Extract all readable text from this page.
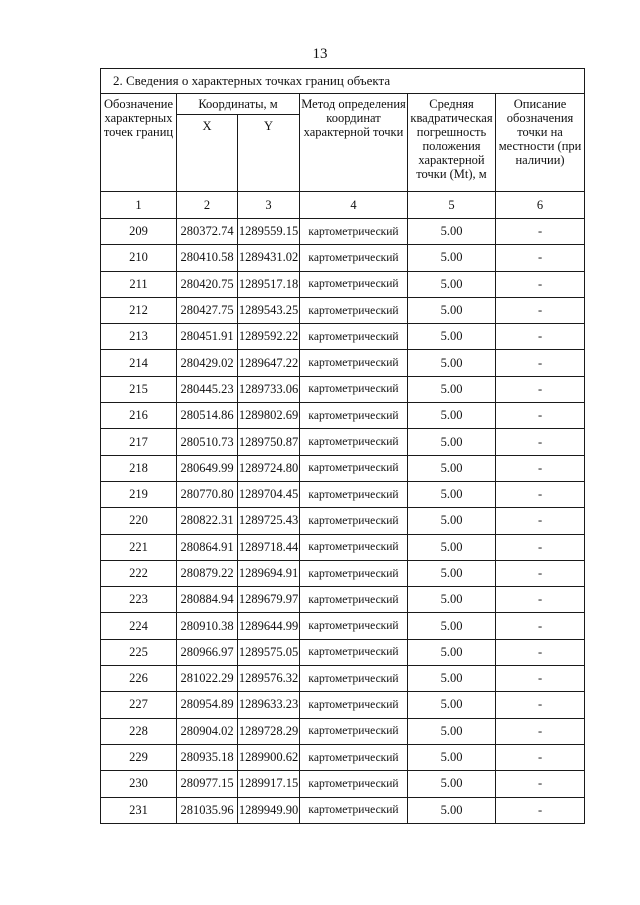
13
2. Сведения о характерных точках границ объекта					
Обозначение характерных точек границ	Координаты, м		Метод определения координат характерной точки	Средняя квадратическая погрешность положения характерной точки (Mt), м	Описание обозначения точки на местности (при наличии)
	X	Y			
1	2	3	4	5	6
209	280372.74	1289559.15	картометрический	5.00	-
210	280410.58	1289431.02	картометрический	5.00	-
211	280420.75	1289517.18	картометрический	5.00	-
212	280427.75	1289543.25	картометрический	5.00	-
213	280451.91	1289592.22	картометрический	5.00	-
214	280429.02	1289647.22	картометрический	5.00	-
215	280445.23	1289733.06	картометрический	5.00	-
216	280514.86	1289802.69	картометрический	5.00	-
217	280510.73	1289750.87	картометрический	5.00	-
218	280649.99	1289724.80	картометрический	5.00	-
219	280770.80	1289704.45	картометрический	5.00	-
220	280822.31	1289725.43	картометрический	5.00	-
221	280864.91	1289718.44	картометрический	5.00	-
222	280879.22	1289694.91	картометрический	5.00	-
223	280884.94	1289679.97	картометрический	5.00	-
224	280910.38	1289644.99	картометрический	5.00	-
225	280966.97	1289575.05	картометрический	5.00	-
226	281022.29	1289576.32	картометрический	5.00	-
227	280954.89	1289633.23	картометрический	5.00	-
228	280904.02	1289728.29	картометрический	5.00	-
229	280935.18	1289900.62	картометрический	5.00	-
230	280977.15	1289917.15	картометрический	5.00	-
231	281035.96	1289949.90	картометрический	5.00	-
